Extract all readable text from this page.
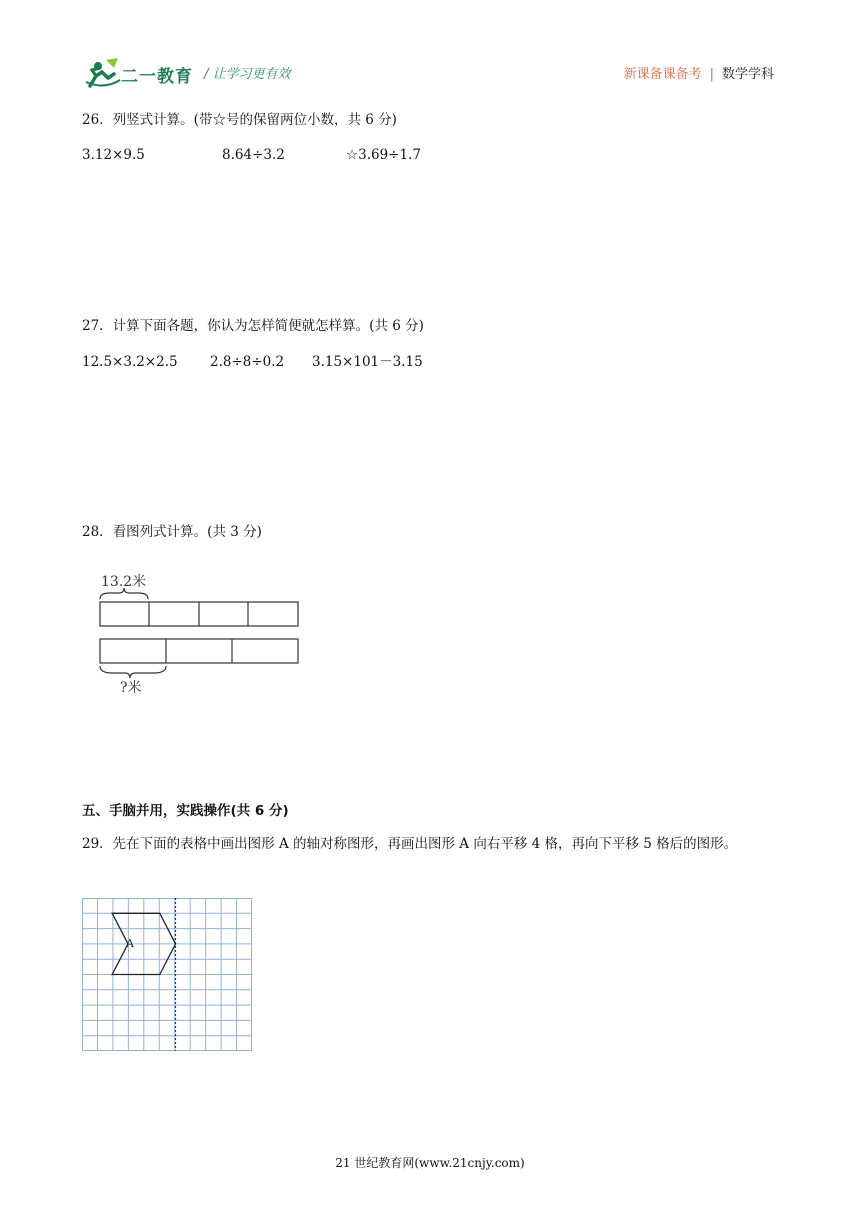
二一教育 / 让学习更有效	新课备课备考 | 数学学科
26．列竖式计算。(带☆号的保留两位小数，共 6 分)
3.12×9.5	8.64÷3.2	☆3.69÷1.7
27．计算下面各题，你认为怎样简便就怎样算。(共 6 分)
12.5×3.2×2.5 2.8÷8÷0.2 3.15×101－3.15
28．看图列式计算。(共 3 分)
13.2米
?米
五、手脑并用，实践操作(共 6 分)
29．先在下面的表格中画出图形 A 的轴对称图形，再画出图形 A 向右平移 4 格，再向下平移 5 格后的图形。
A
21 世纪教育网(www.21cnjy.com)
